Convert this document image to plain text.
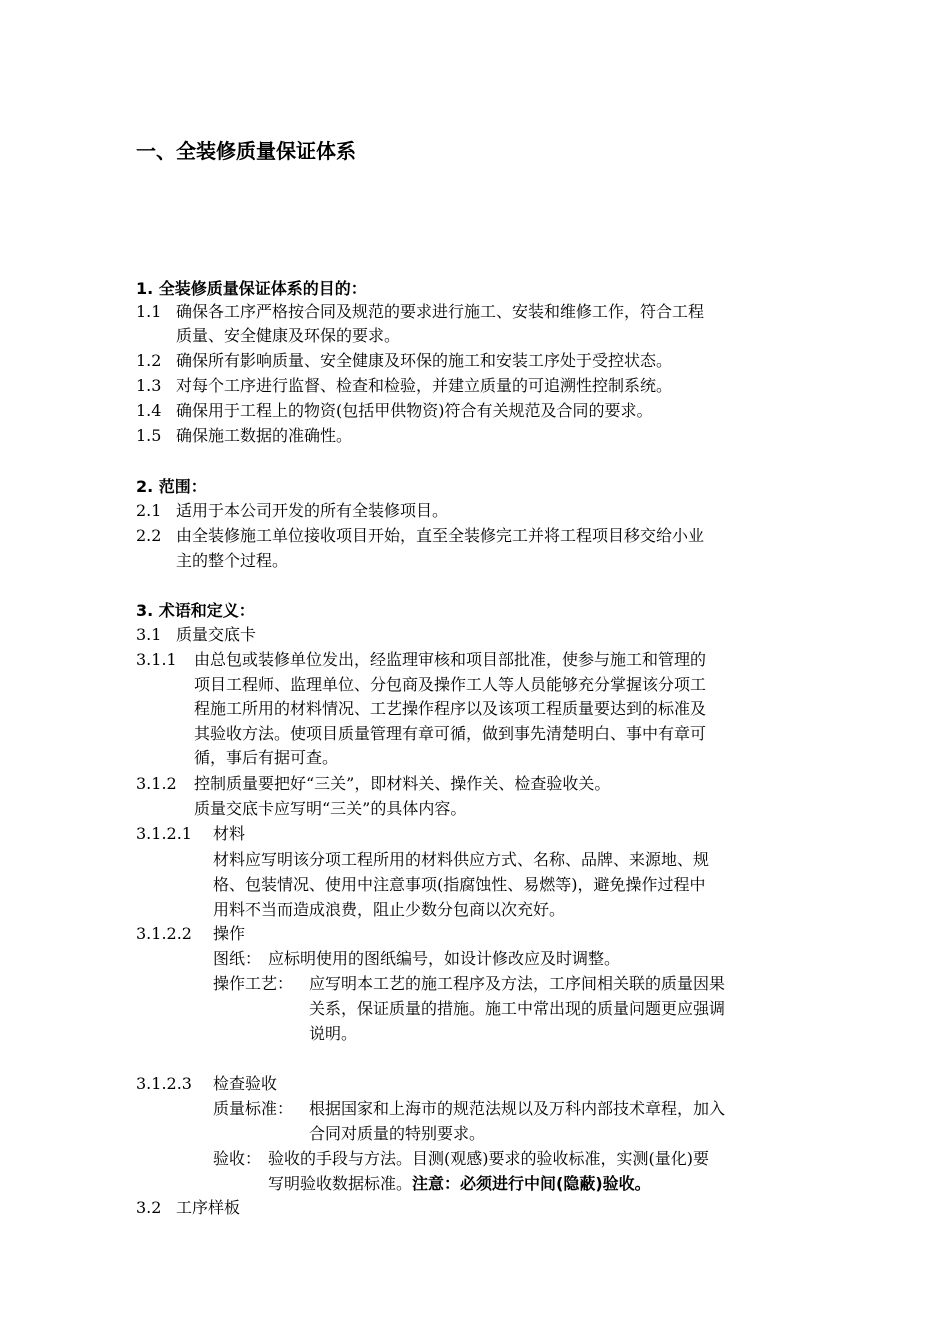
一、全装修质量保证体系
1. 全装修质量保证体系的目的：
1.1 确保各工序严格按合同及规范的要求进行施工、安装和维修工作，符合工程
质量、安全健康及环保的要求。
1.2 确保所有影响质量、安全健康及环保的施工和安装工序处于受控状态。
1.3 对每个工序进行监督、检查和检验，并建立质量的可追溯性控制系统。
1.4 确保用于工程上的物资(包括甲供物资)符合有关规范及合同的要求。
1.5 确保施工数据的准确性。
2. 范围：
2.1 适用于本公司开发的所有全装修项目。
2.2 由全装修施工单位接收项目开始，直至全装修完工并将工程项目移交给小业
主的整个过程。
3. 术语和定义：
3.1 质量交底卡
3.1.1 由总包或装修单位发出，经监理审核和项目部批准，使参与施工和管理的
项目工程师、监理单位、分包商及操作工人等人员能够充分掌握该分项工
程施工所用的材料情况、工艺操作程序以及该项工程质量要达到的标准及
其验收方法。使项目质量管理有章可循，做到事先清楚明白、事中有章可
循，事后有据可查。
3.1.2 控制质量要把好“三关”，即材料关、操作关、检查验收关。
质量交底卡应写明“三关”的具体内容。
3.1.2.1 材料
材料应写明该分项工程所用的材料供应方式、名称、品牌、来源地、规
格、包装情况、使用中注意事项(指腐蚀性、易燃等)，避免操作过程中
用料不当而造成浪费，阻止少数分包商以次充好。
3.1.2.2 操作
图纸： 应标明使用的图纸编号，如设计修改应及时调整。
操作工艺： 应写明本工艺的施工程序及方法，工序间相关联的质量因果
关系，保证质量的措施。施工中常出现的质量问题更应强调
说明。
3.1.2.3 检查验收
质量标准： 根据国家和上海市的规范法规以及万科内部技术章程，加入
合同对质量的特别要求。
验收： 验收的手段与方法。目测(观感)要求的验收标准，实测(量化)要
写明验收数据标准。注意：必须进行中间(隐蔽)验收。
3.2 工序样板
